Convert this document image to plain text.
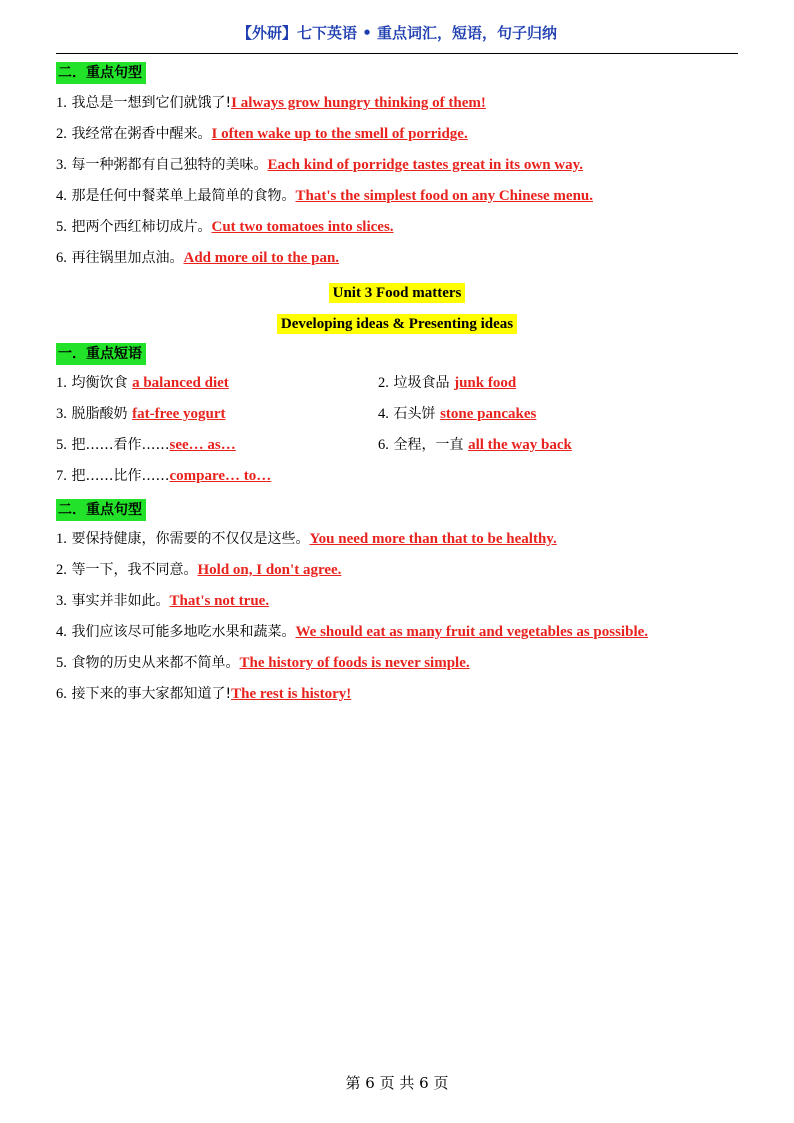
【外研】七下英语 • 重点词汇，短语，句子归纳
二．重点句型
1. 我总是一想到它们就饿了!I always grow hungry thinking of them!
2. 我经常在粥香中醒来。I often wake up to the smell of porridge.
3. 每一种粥都有自己独特的美味。Each kind of porridge tastes great in its own way.
4. 那是任何中餐菜单上最简单的食物。That's the simplest food on any Chinese menu.
5. 把两个西红柿切成片。Cut two tomatoes into slices.
6. 再往锅里加点油。Add more oil to the pan.
Unit 3 Food matters
Developing ideas & Presenting ideas
一．重点短语
1. 均衡饮食 a balanced diet	2. 垃圾食品 junk food
3. 脱脂酸奶 fat-free yogurt	4. 石头饼 stone pancakes
5. 把……看作……see… as…	6. 全程，一直 all the way back
7. 把……比作……compare… to…
二．重点句型
1. 要保持健康，你需要的不仅仅是这些。You need more than that to be healthy.
2. 等一下，我不同意。Hold on, I don't agree.
3. 事实并非如此。That's not true.
4. 我们应该尽可能多地吃水果和蔬菜。We should eat as many fruit and vegetables as possible.
5. 食物的历史从来都不简单。The history of foods is never simple.
6. 接下来的事大家都知道了!The rest is history!
第 6 页 共 6 页
